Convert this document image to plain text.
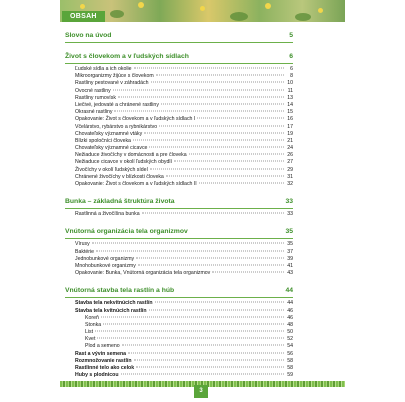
OBSAH
Slovo na úvod	5
Život s človekom a v ľudských sídlach	6
Ľudské sídla a ich okolie	6
Mikroorganizmy žijúce s človekom	8
Rastliny pestované v záhradách	10
Ovocné rastliny	11
Rastliny rumovísk	13
Liečivé, jedovaté a chránené rastliny	14
Okrasné rastliny	15
Opakovanie: Život s človekom a v ľudských sídlach I	16
Včelárstvo, rybárstvo a rybnikárstvo	17
Chovateľsky významné vtáky	19
Blízki spoločníci človeka	21
Chovateľsky významné cicavce	24
Nežiaduce živočíchy v domácnosti a pre človeka	26
Nežiaduce cicavce v okolí ľudských obydlí	27
Živočíchy v okolí ľudských sídel	29
Chránené živočíchy v blízkosti človeka	31
Opakovanie: Život s človekom a v ľudských sídlach II	32
Bunka – základná štruktúra života	33
Rastlinná a živočíšna bunka	33
Vnútorná organizácia tela organizmov	35
Vírusy	35
Baktérie	37
Jednobunkové organizmy	39
Mnohobunkové organizmy	41
Opakovanie: Bunka, Vnútorná organizácia tela organizmov	43
Vnútorná stavba tela rastlín a húb	44
Stavba tela nekvitnúcich rastlín	44
Stavba tela kvitnúcich rastlín	46
Koreň	46
Stonka	48
List	50
Kvet	52
Plod a semeno	54
Rast a vývin semena	56
Rozmnožovanie rastlín	58
Rastlinné telo ako celok	58
Huby s plodnicou	59
3
